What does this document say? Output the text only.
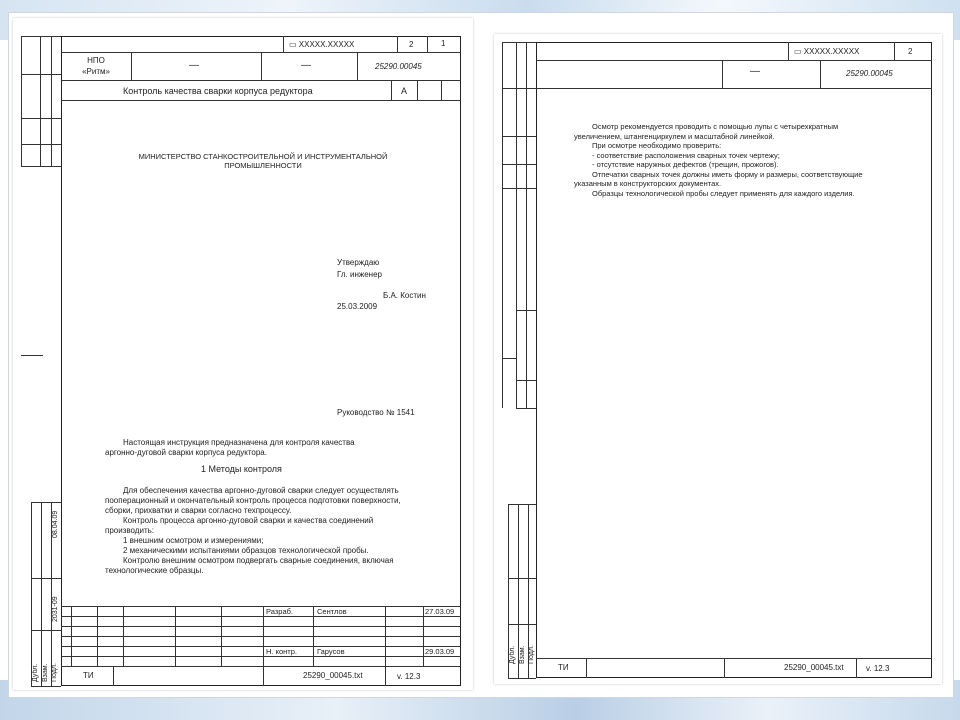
08.04.09
2031-09
Дубл. Взам. Подл.
▭ XXXXX.XXXXX	2	1
НПО
«Ритм»
—	—	25290.00045
Контроль качества сварки корпуса редуктора	А

МИНИСТЕРСТВО СТАНКОСТРОИТЕЛЬНОЙ И ИНСТРУМЕНТАЛЬНОЙ

ПРОМЫШЛЕННОСТИ

Утверждаю
Гл. инженер
Б.А. Костин
25.03.2009
Руководство № 1541

Настоящая инструкция предназначена для контроля качества

аргонно-дуговой сварки корпуса редуктора.

1 Методы контроля

Для обеспечения качества аргонно-дуговой сварки следует осуществлять

пооперационный и окончательный контроль процесса подготовки поверхности,

сборки, прихватки и сварки согласно техпроцессу.

Контроль процесса аргонно-дуговой сварки и качества соединений

производить:

1 внешним осмотром и измерениями;

2 механическими испытаниями образцов технологической пробы.

Контролю внешним осмотром подвергать сварные соединения, включая

технологические образцы.

Разраб.	Сентлов	27.03.09
Н. контр.	Гарусов	29.03.09
ТИ	25290_00045.txt	v. 12.3
Дубл. Взам. Подл.
▭ XXXXX.XXXXX	2
—	25290.00045

Осмотр рекомендуется проводить с помощью лупы с четырехкратным

увеличением, штангенциркулем и масштабной линейкой.

При осмотре необходимо проверить:

- соответствие расположения сварных точек чертежу;

- отсутствие наружных дефектов (трещин, прожогов).

Отпечатки сварных точек должны иметь форму и размеры, соответствующие

указанным в конструкторских документах.

Образцы технологической пробы следует применять для каждого изделия.

ТИ	25290_00045.txt	v. 12.3
